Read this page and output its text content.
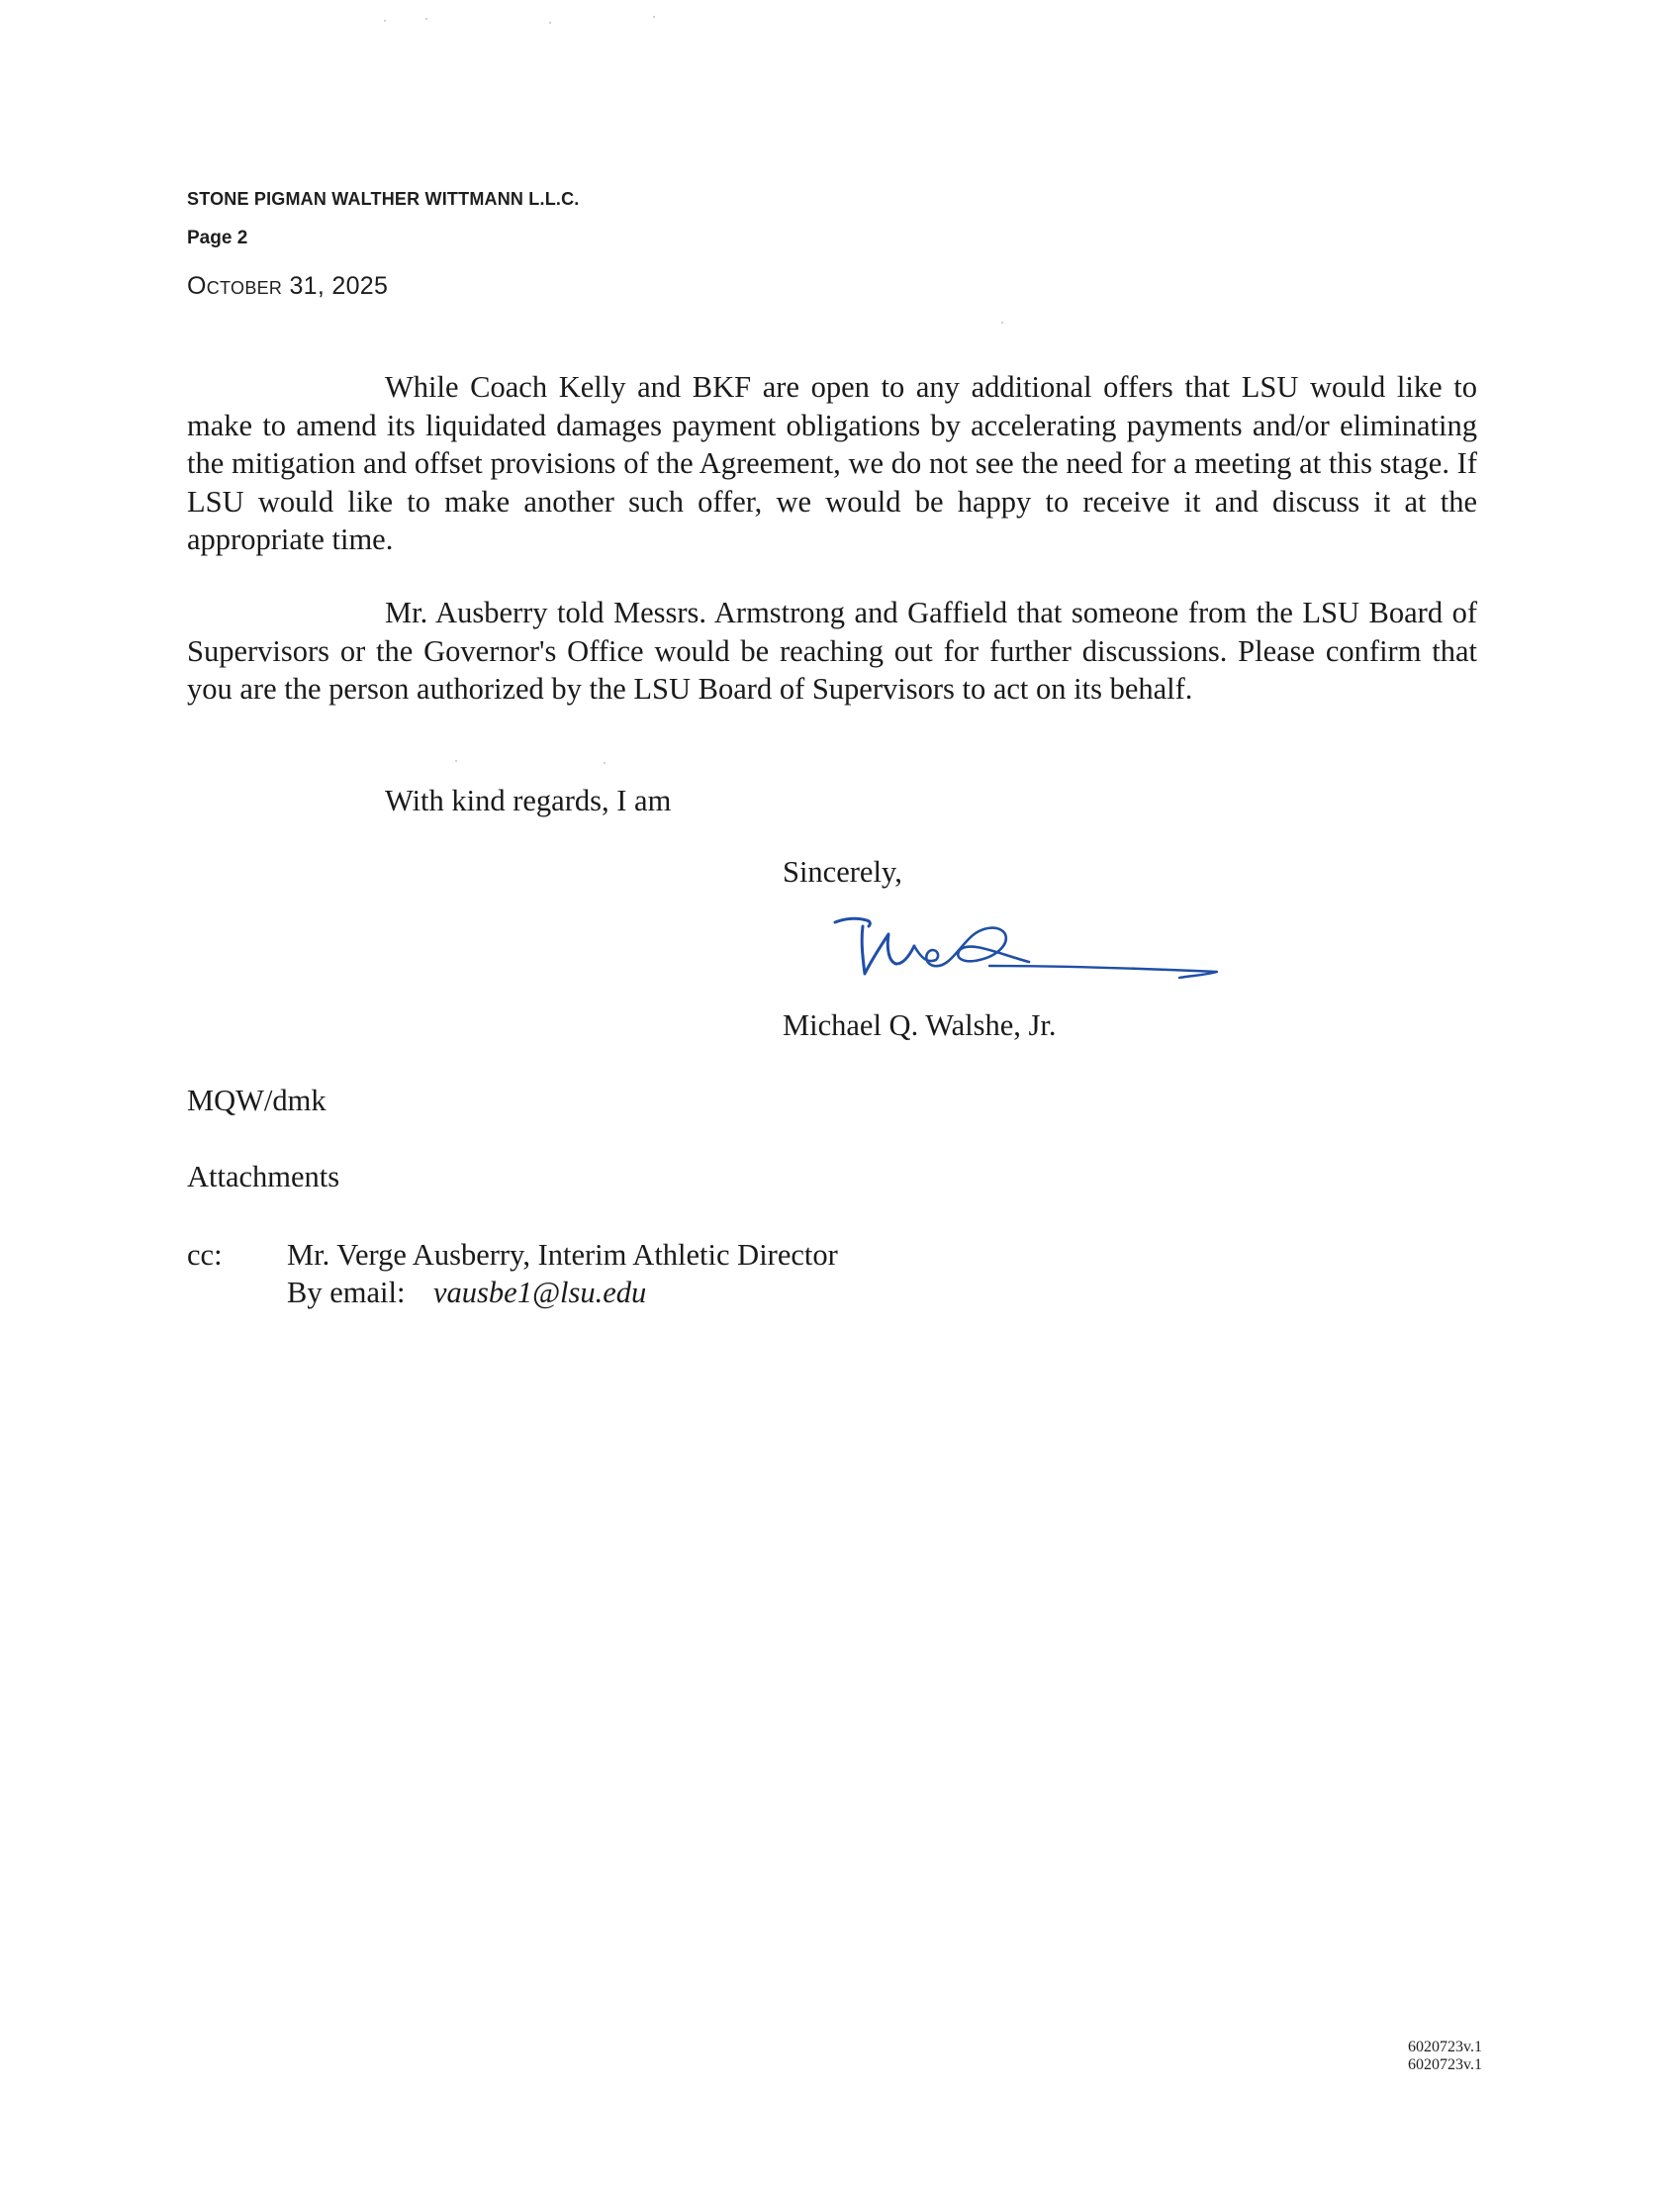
STONE PIGMAN WALTHER WITTMANN L.L.C.
Page 2
October 31, 2025

While Coach Kelly and BKF are open to any additional offers that LSU would like to make to amend its liquidated damages payment obligations by accelerating payments and/or eliminating the mitigation and offset provisions of the Agreement, we do not see the need for a meeting at this stage. If LSU would like to make another such offer, we would be happy to receive it and discuss it at the appropriate time.

Mr. Ausberry told Messrs. Armstrong and Gaffield that someone from the LSU Board of Supervisors or the Governor's Office would be reaching out for further discussions. Please confirm that you are the person authorized by the LSU Board of Supervisors to act on its behalf.

With kind regards, I am
Sincerely,
Michael Q. Walshe, Jr.
MQW/dmk
Attachments
cc: Mr. Verge Ausberry, Interim Athletic Director
By email: vausbe1@lsu.edu
6020723v.1
6020723v.1
